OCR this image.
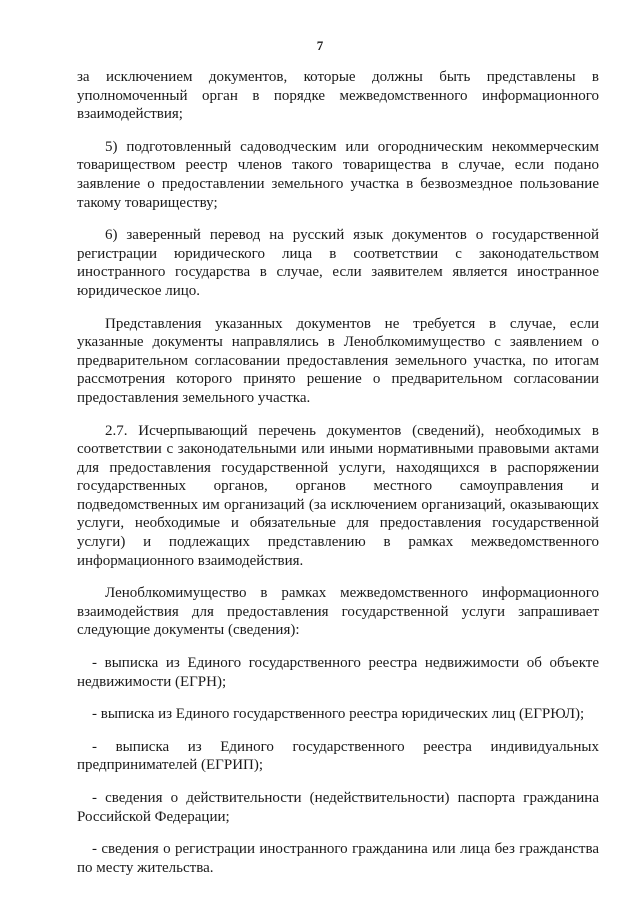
7

за исключением документов, которые должны быть представлены в уполномоченный орган в порядке межведомственного информационного взаимодействия;

5) подготовленный садоводческим или огородническим некоммерческим товариществом реестр членов такого товарищества в случае, если подано заявление о предоставлении земельного участка в безвозмездное пользование такому товариществу;

6) заверенный перевод на русский язык документов о государственной регистрации юридического лица в соответствии с законодательством иностранного государства в случае, если заявителем является иностранное юридическое лицо.

Представления указанных документов не требуется в случае, если указанные документы направлялись в Леноблкомимущество с заявлением о предварительном согласовании предоставления земельного участка, по итогам рассмотрения которого принято решение о предварительном согласовании предоставления земельного участка.

2.7. Исчерпывающий перечень документов (сведений), необходимых в соответствии с законодательными или иными нормативными правовыми актами для предоставления государственной услуги, находящихся в распоряжении государственных органов, органов местного самоуправления и подведомственных им организаций (за исключением организаций, оказывающих услуги, необходимые и обязательные для предоставления государственной услуги) и подлежащих представлению в рамках межведомственного информационного взаимодействия.

Леноблкомимущество в рамках межведомственного информационного взаимодействия для предоставления государственной услуги запрашивает следующие документы (сведения):

- выписка из Единого государственного реестра недвижимости об объекте недвижимости (ЕГРН);

- выписка из Единого государственного реестра юридических лиц (ЕГРЮЛ);

- выписка из Единого государственного реестра индивидуальных предпринимателей (ЕГРИП);

- сведения о действительности (недействительности) паспорта гражданина Российской Федерации;

- сведения о регистрации иностранного гражданина или лица без гражданства по месту жительства.
